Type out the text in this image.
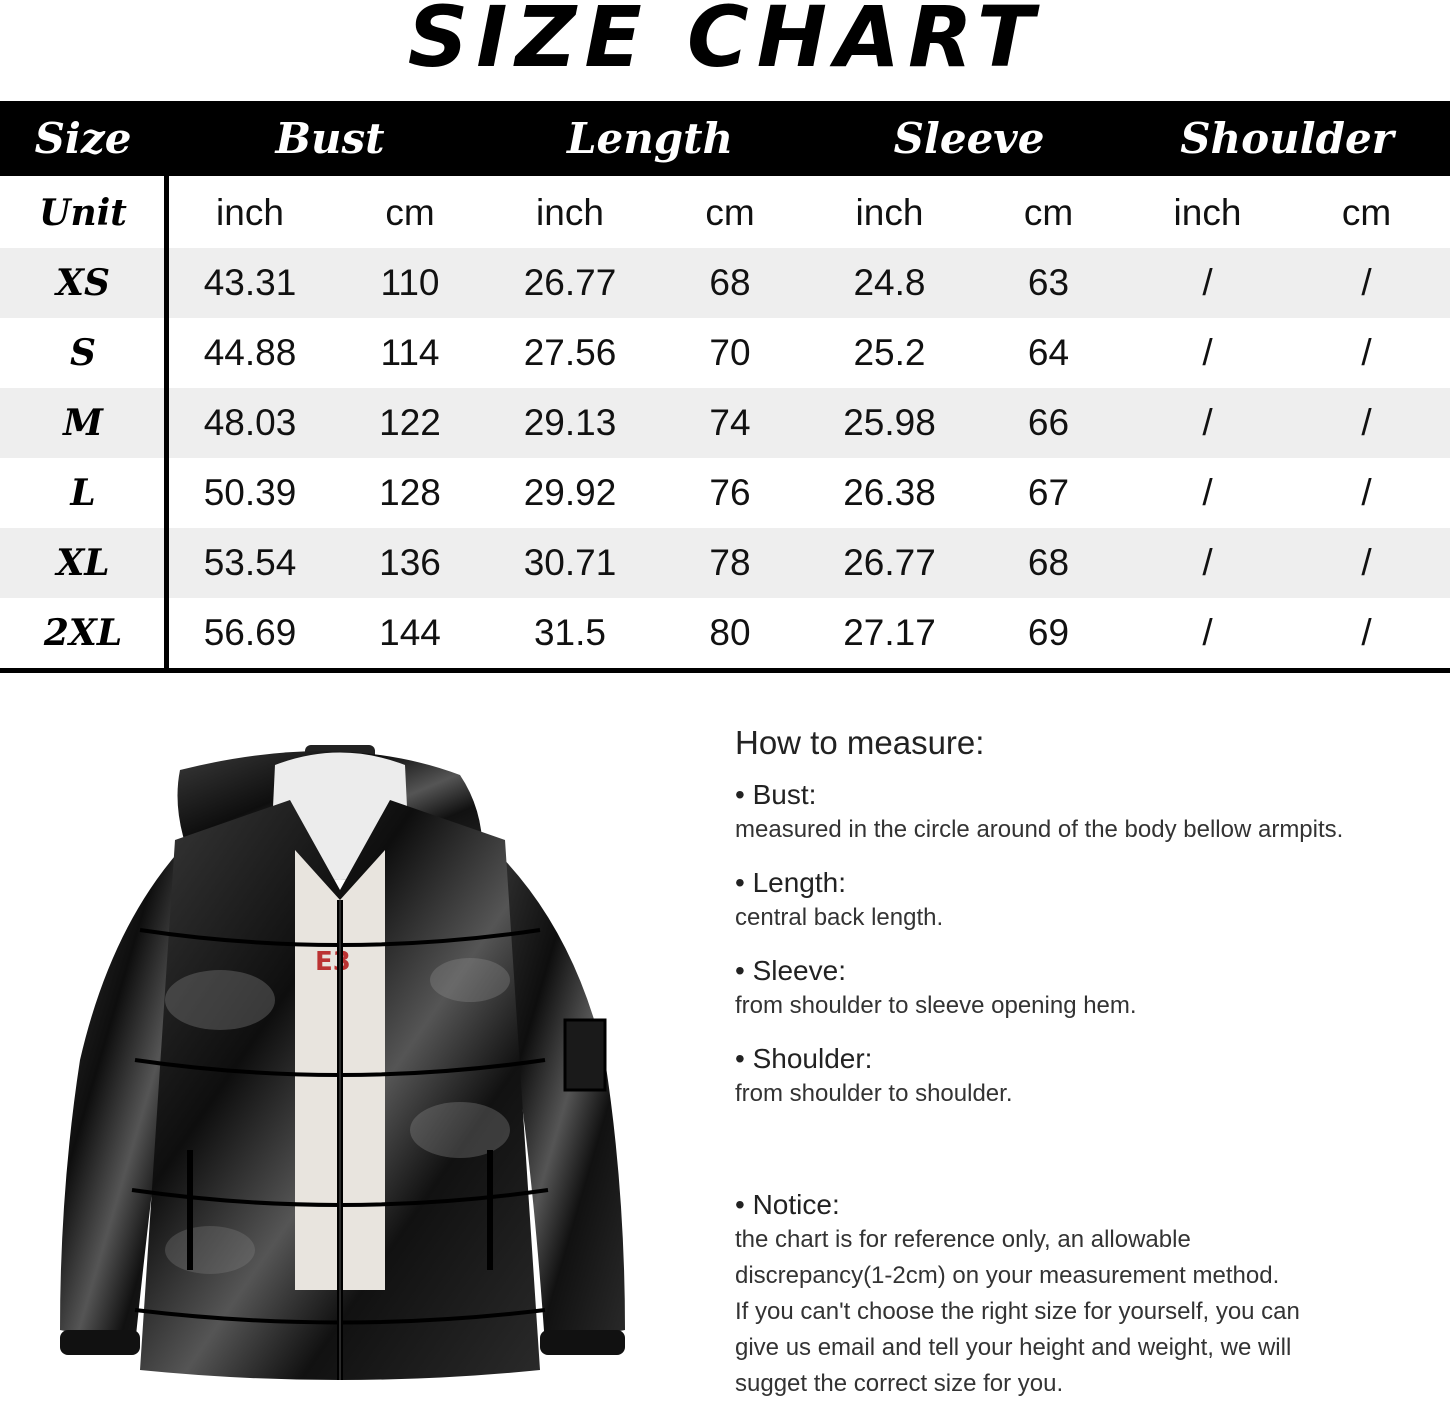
SIZE CHART
Size	Bust	Length	Sleeve	Shoulder
Unit	inch	cm	inch	cm	inch	cm	inch	cm
XS	43.31	110	26.77	68	24.8	63	/	/
S	44.88	114	27.56	70	25.2	64	/	/
M	48.03	122	29.13	74	25.98	66	/	/
L	50.39	128	29.92	76	26.38	67	/	/
XL	53.54	136	30.71	78	26.77	68	/	/
2XL	56.69	144	31.5	80	27.17	69	/	/
E3
How to measure:
• Bust:
measured in the circle around of the body bellow armpits.
• Length:
central back length.
• Sleeve:
from shoulder to sleeve opening hem.
• Shoulder:
from shoulder to shoulder.
• Notice:
the chart is for reference only, an allowable
discrepancy(1-2cm) on your measurement method.
If you can't choose the right size for yourself, you can
give us email and tell your height and weight, we will
sugget the correct size for you.
